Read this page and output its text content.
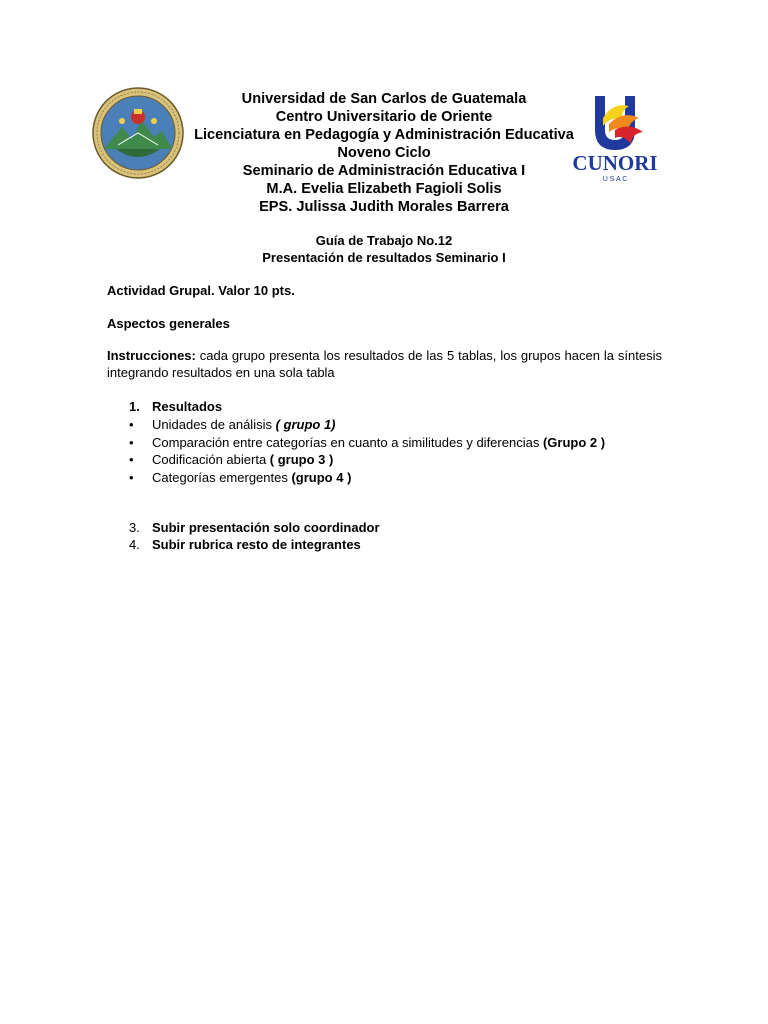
CUNORI
U S A C
Universidad de San Carlos de Guatemala
Centro Universitario de Oriente
Licenciatura en Pedagogía y Administración Educativa
Noveno Ciclo
Seminario de Administración Educativa I
M.A. Evelia Elizabeth Fagioli Solis
EPS. Julissa Judith Morales Barrera
Guía de Trabajo No.12
Presentación de resultados Seminario I
Actividad Grupal. Valor 10 pts.
Aspectos generales
Instrucciones: cada grupo presenta los resultados de las 5 tablas, los grupos hacen la síntesis integrando resultados en una sola tabla
1. Resultados
• Unidades de análisis ( grupo 1)
• Comparación entre categorías en cuanto a similitudes y diferencias (Grupo 2 )
• Codificación abierta ( grupo 3 )
• Categorías emergentes (grupo 4 )
3. Subir presentación solo coordinador
4. Subir rubrica resto de integrantes
